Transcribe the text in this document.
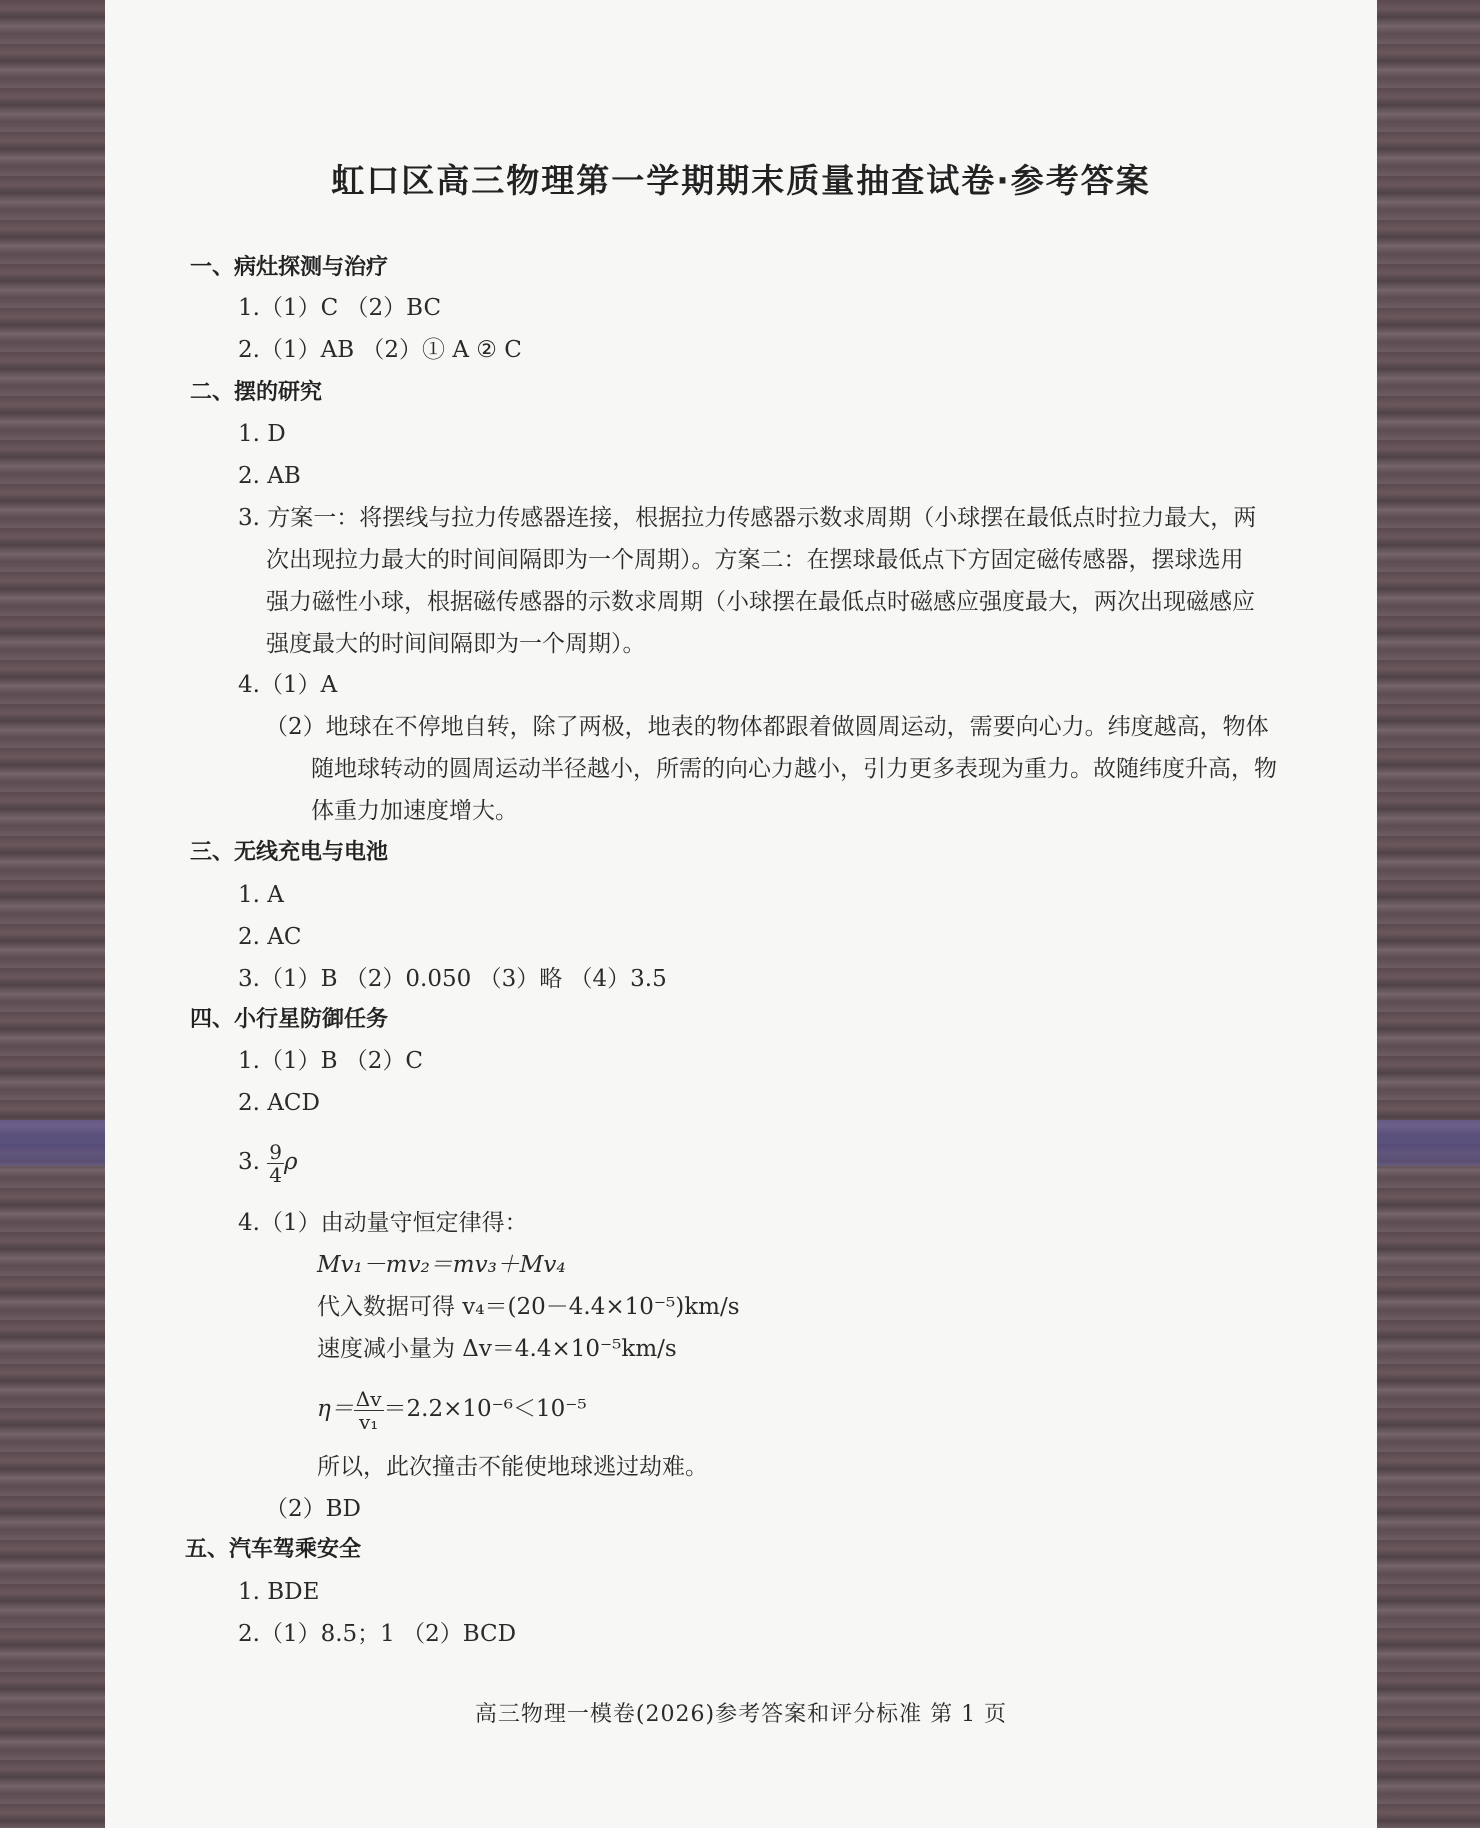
虹口区高三物理第一学期期末质量抽查试卷·参考答案
一、病灶探测与治疗
1.（1）C （2）BC
2.（1）AB （2）① A ② C
二、摆的研究
1. D
2. AB
3. 方案一：将摆线与拉力传感器连接，根据拉力传感器示数求周期（小球摆在最低点时拉力最大，两次出现拉力最大的时间间隔即为一个周期）。方案二：在摆球最低点下方固定磁传感器，摆球选用强力磁性小球，根据磁传感器的示数求周期（小球摆在最低点时磁感应强度最大，两次出现磁感应强度最大的时间间隔即为一个周期）。
4.（1）A
（2）地球在不停地自转，除了两极，地表的物体都跟着做圆周运动，需要向心力。纬度越高，物体随地球转动的圆周运动半径越小，所需的向心力越小，引力更多表现为重力。故随纬度升高，物体重力加速度增大。
三、无线充电与电池
1. A
2. AC
3.（1）B （2）0.050 （3）略 （4）3.5
四、小行星防御任务
1.（1）B （2）C
2. ACD
3. $\frac{9}{4}$ ρ
4.（1）由动量守恒定律得：
Mv₁－mv₂＝mv₃＋Mv₄
代入数据可得 v₄＝(20－4.4×10⁻⁵)km/s
速度减小量为 Δv＝4.4×10⁻⁵km/s
$\eta= \frac{\Delta v}{\text{v₁}} =2.2\times 10^{-6}<10^{-5}$
所以，此次撞击不能使地球逃过劫难。
（2）BD
五、汽车驾乘安全
1. BDE
2.（1）8.5；1 （2）BCD
高三物理一模卷(2026)参考答案和评分标准 第 1 页
